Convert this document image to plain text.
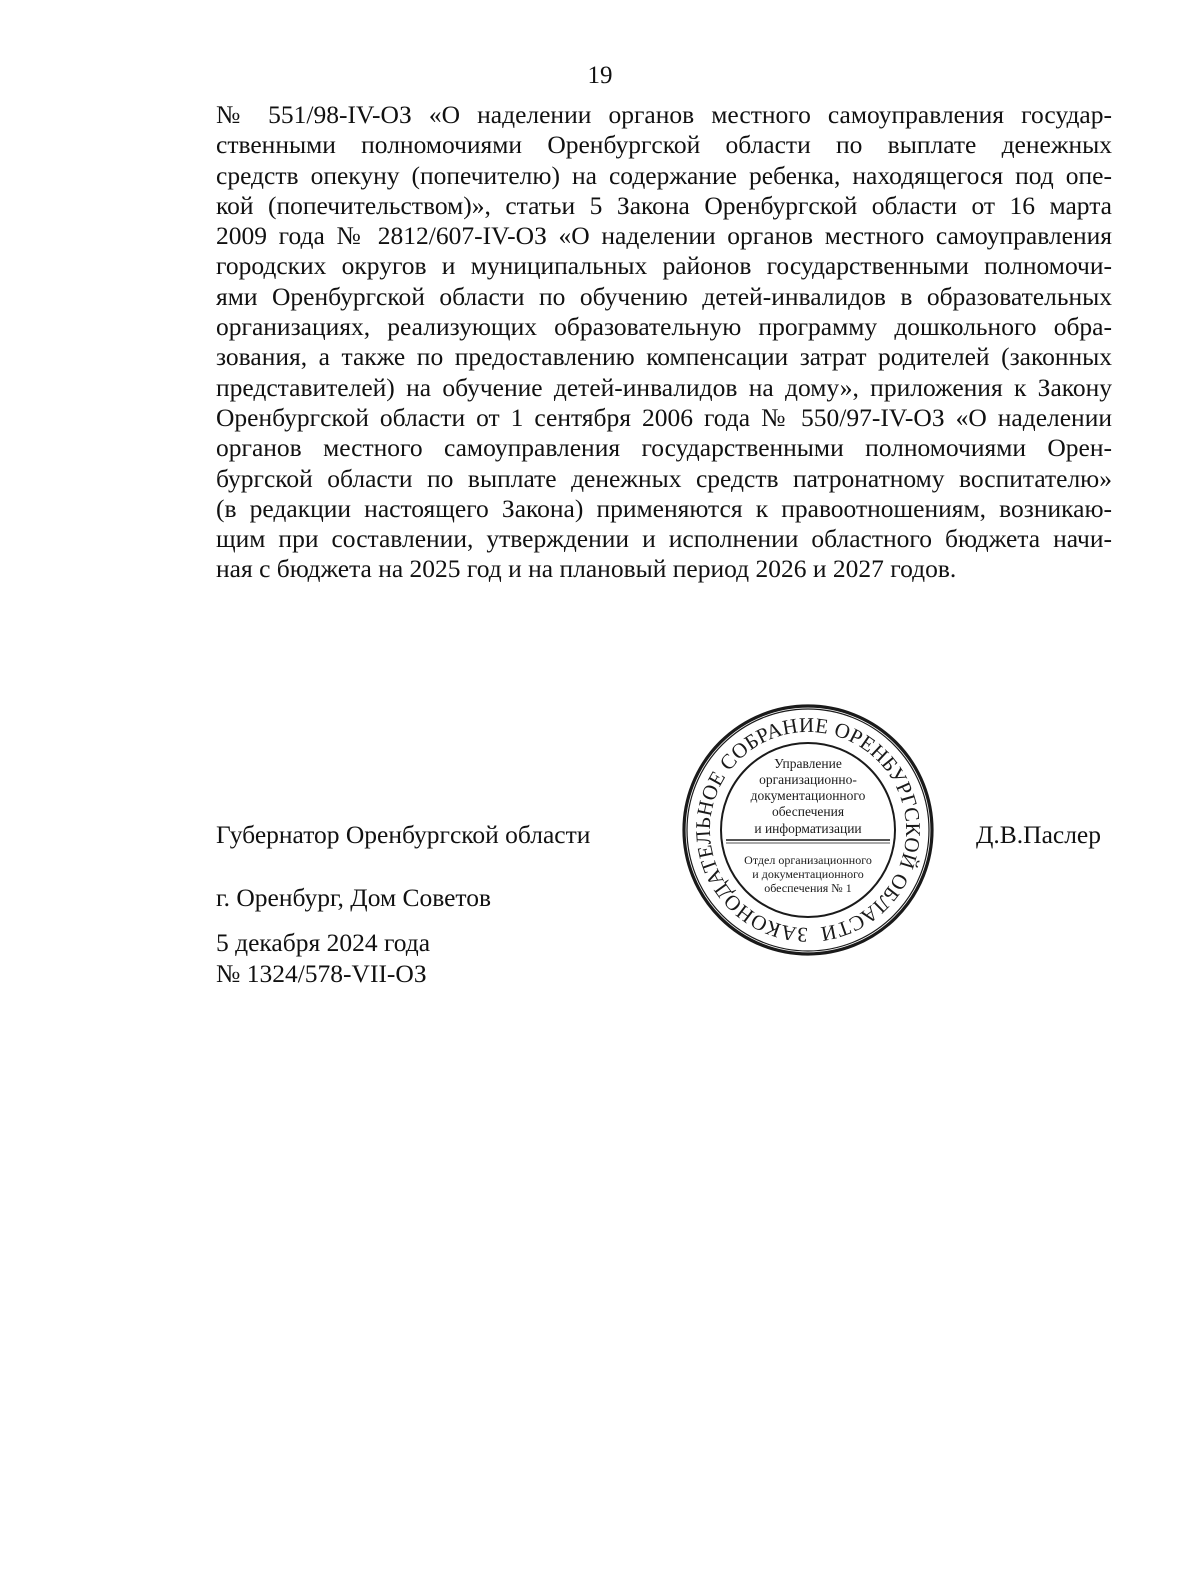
19
№ 551/98-IV-ОЗ «О наделении органов местного самоуправления государ-
ственными полномочиями Оренбургской области по выплате денежных
средств опекуну (попечителю) на содержание ребенка, находящегося под опе-
кой (попечительством)», статьи 5 Закона Оренбургской области от 16 марта
2009 года № 2812/607-IV-ОЗ «О наделении органов местного самоуправления
городских округов и муниципальных районов государственными полномочи-
ями Оренбургской области по обучению детей-инвалидов в образовательных
организациях, реализующих образовательную программу дошкольного обра-
зования, а также по предоставлению компенсации затрат родителей (законных
представителей) на обучение детей-инвалидов на дому», приложения к Закону
Оренбургской области от 1 сентября 2006 года № 550/97-IV-ОЗ «О наделении
органов местного самоуправления государственными полномочиями Орен-
бургской области по выплате денежных средств патронатному воспитателю»
(в редакции настоящего Закона) применяются к правоотношениям, возникаю-
щим при составлении, утверждении и исполнении областного бюджета начи-
ная с бюджета на 2025 год и на плановый период 2026 и 2027 годов.
Губернатор Оренбургской области
ЗАКОНОДАТЕЛЬНОЕ СОБРАНИЕ ОРЕНБУРГСКОЙ ОБЛАСТИ
Управление
организационно-
документационного
обеспечения
и информатизации
Отдел организационного
и документационного
обеспечения № 1
Д.В.Паслер
г. Оренбург, Дом Советов
5 декабря 2024 года
№ 1324/578-VII-ОЗ
